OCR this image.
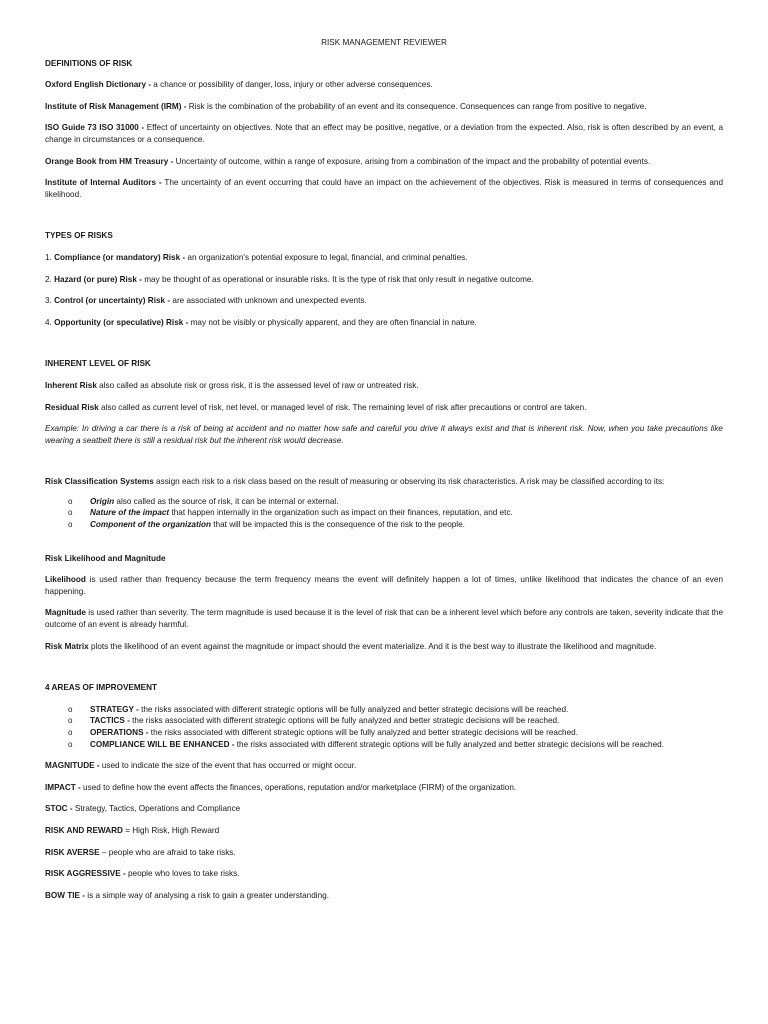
RISK MANAGEMENT REVIEWER
DEFINITIONS OF RISK

Oxford English Dictionary - a chance or possibility of danger, loss, injury or other adverse consequences.

Institute of Risk Management (IRM) - Risk is the combination of the probability of an event and its consequence. Consequences can range from positive to negative.

ISO Guide 73 ISO 31000 - Effect of uncertainty on objectives. Note that an effect may be positive, negative, or a deviation from the expected. Also, risk is often described by an event, a change in circumstances or a consequence.

Orange Book from HM Treasury - Uncertainty of outcome, within a range of exposure, arising from a combination of the impact and the probability of potential events.

Institute of Internal Auditors - The uncertainty of an event occurring that could have an impact on the achievement of the objectives. Risk is measured in terms of consequences and likelihood.

TYPES OF RISKS

1. Compliance (or mandatory) Risk - an organization's potential exposure to legal, financial, and criminal penalties.

2. Hazard (or pure) Risk - may be thought of as operational or insurable risks. It is the type of risk that only result in negative outcome.

3. Control (or uncertainty) Risk - are associated with unknown and unexpected events.

4. Opportunity (or speculative) Risk - may not be visibly or physically apparent, and they are often financial in nature.

INHERENT LEVEL OF RISK

Inherent Risk also called as absolute risk or gross risk, it is the assessed level of raw or untreated risk.

Residual Risk also called as current level of risk, net level, or managed level of risk. The remaining level of risk after precautions or control are taken.

Example: In driving a car there is a risk of being at accident and no matter how safe and careful you drive it always exist and that is inherent risk. Now, when you take precautions like wearing a seatbelt there is still a residual risk but the inherent risk would decrease.

Risk Classification Systems assign each risk to a risk class based on the result of measuring or observing its risk characteristics. A risk may be classified according to its:

o Origin also called as the source of risk, it can be internal or external.
o Nature of the impact that happen internally in the organization such as impact on their finances, reputation, and etc.
o Component of the organization that will be impacted this is the consequence of the risk to the people.
Risk Likelihood and Magnitude

Likelihood is used rather than frequency because the term frequency means the event will definitely happen a lot of times, unlike likelihood that indicates the chance of an even happening.

Magnitude is used rather than severity. The term magnitude is used because it is the level of risk that can be a inherent level which before any controls are taken, severity indicate that the outcome of an event is already harmful.

Risk Matrix plots the likelihood of an event against the magnitude or impact should the event materialize. And it is the best way to illustrate the likelihood and magnitude.

4 AREAS OF IMPROVEMENT
o STRATEGY - the risks associated with different strategic options will be fully analyzed and better strategic decisions will be reached.
o TACTICS - the risks associated with different strategic options will be fully analyzed and better strategic decisions will be reached.
o OPERATIONS - the risks associated with different strategic options will be fully analyzed and better strategic decisions will be reached.
o COMPLIANCE WILL BE ENHANCED - the risks associated with different strategic options will be fully analyzed and better strategic decisions will be reached.

MAGNITUDE - used to indicate the size of the event that has occurred or might occur.

IMPACT - used to define how the event affects the finances, operations, reputation and/or marketplace (FIRM) of the organization.

STOC - Strategy, Tactics, Operations and Compliance

RISK AND REWARD = High Risk, High Reward

RISK AVERSE – people who are afraid to take risks.

RISK AGGRESSIVE - people who loves to take risks.

BOW TIE - is a simple way of analysing a risk to gain a greater understanding.
